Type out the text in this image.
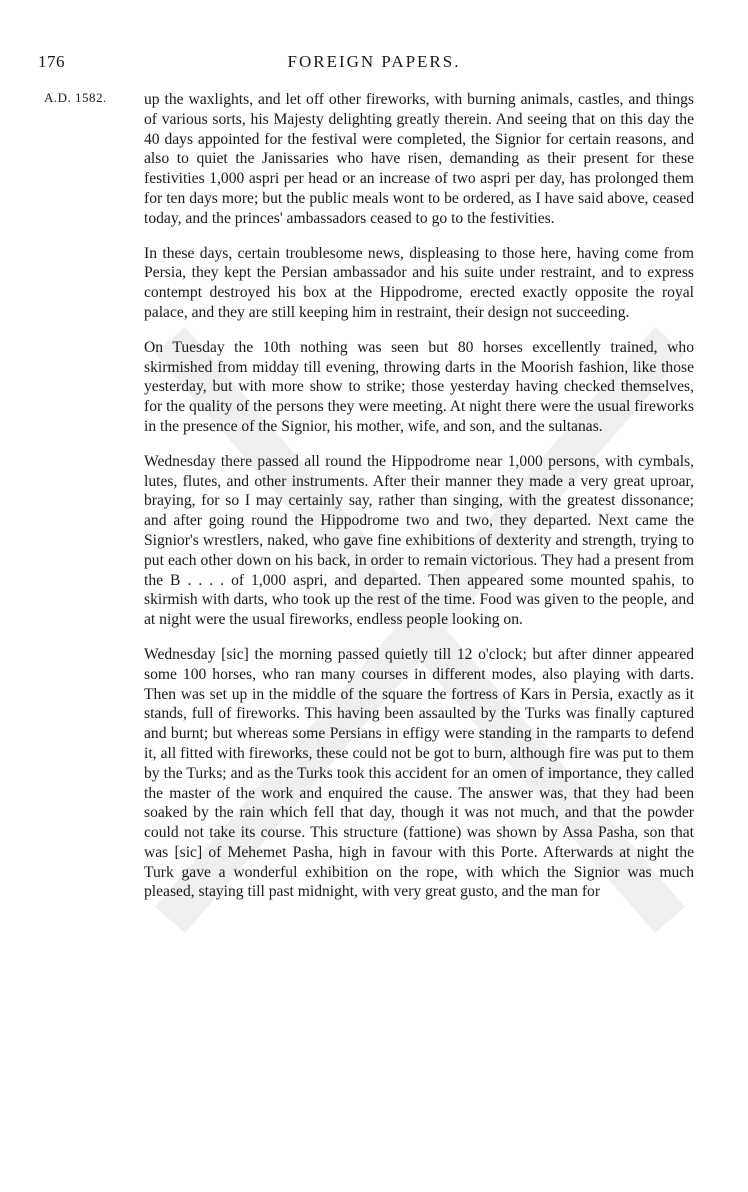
176	FOREIGN PAPERS.
A.D. 1582. up the waxlights, and let off other fireworks, with burning animals, castles, and things of various sorts, his Majesty delighting greatly therein. And seeing that on this day the 40 days appointed for the festival were completed, the Signior for certain reasons, and also to quiet the Janissaries who have risen, demanding as their present for these festivities 1,000 aspri per head or an increase of two aspri per day, has prolonged them for ten days more; but the public meals wont to be ordered, as I have said above, ceased today, and the princes' ambassadors ceased to go to the festivities.

In these days, certain troublesome news, displeasing to those here, having come from Persia, they kept the Persian ambassador and his suite under restraint, and to express contempt destroyed his box at the Hippodrome, erected exactly opposite the royal palace, and they are still keeping him in restraint, their design not succeeding.

On Tuesday the 10th nothing was seen but 80 horses excellently trained, who skirmished from midday till evening, throwing darts in the Moorish fashion, like those yesterday, but with more show to strike; those yesterday having checked themselves, for the quality of the persons they were meeting. At night there were the usual fireworks in the presence of the Signior, his mother, wife, and son, and the sultanas.

Wednesday there passed all round the Hippodrome near 1,000 persons, with cymbals, lutes, flutes, and other instruments. After their manner they made a very great uproar, braying, for so I may certainly say, rather than singing, with the greatest dissonance; and after going round the Hippodrome two and two, they departed. Next came the Signior's wrestlers, naked, who gave fine exhibitions of dexterity and strength, trying to put each other down on his back, in order to remain victorious. They had a present from the B . . . . of 1,000 aspri, and departed. Then appeared some mounted spahis, to skirmish with darts, who took up the rest of the time. Food was given to the people, and at night were the usual fireworks, endless people looking on.

Wednesday [sic] the morning passed quietly till 12 o'clock; but after dinner appeared some 100 horses, who ran many courses in different modes, also playing with darts. Then was set up in the middle of the square the fortress of Kars in Persia, exactly as it stands, full of fireworks. This having been assaulted by the Turks was finally captured and burnt; but whereas some Persians in effigy were standing in the ramparts to defend it, all fitted with fireworks, these could not be got to burn, although fire was put to them by the Turks; and as the Turks took this accident for an omen of importance, they called the master of the work and enquired the cause. The answer was, that they had been soaked by the rain which fell that day, though it was not much, and that the powder could not take its course. This structure (fattione) was shown by Assa Pasha, son that was [sic] of Mehemet Pasha, high in favour with this Porte. Afterwards at night the Turk gave a wonderful exhibition on the rope, with which the Signior was much pleased, staying till past midnight, with very great gusto, and the man for
